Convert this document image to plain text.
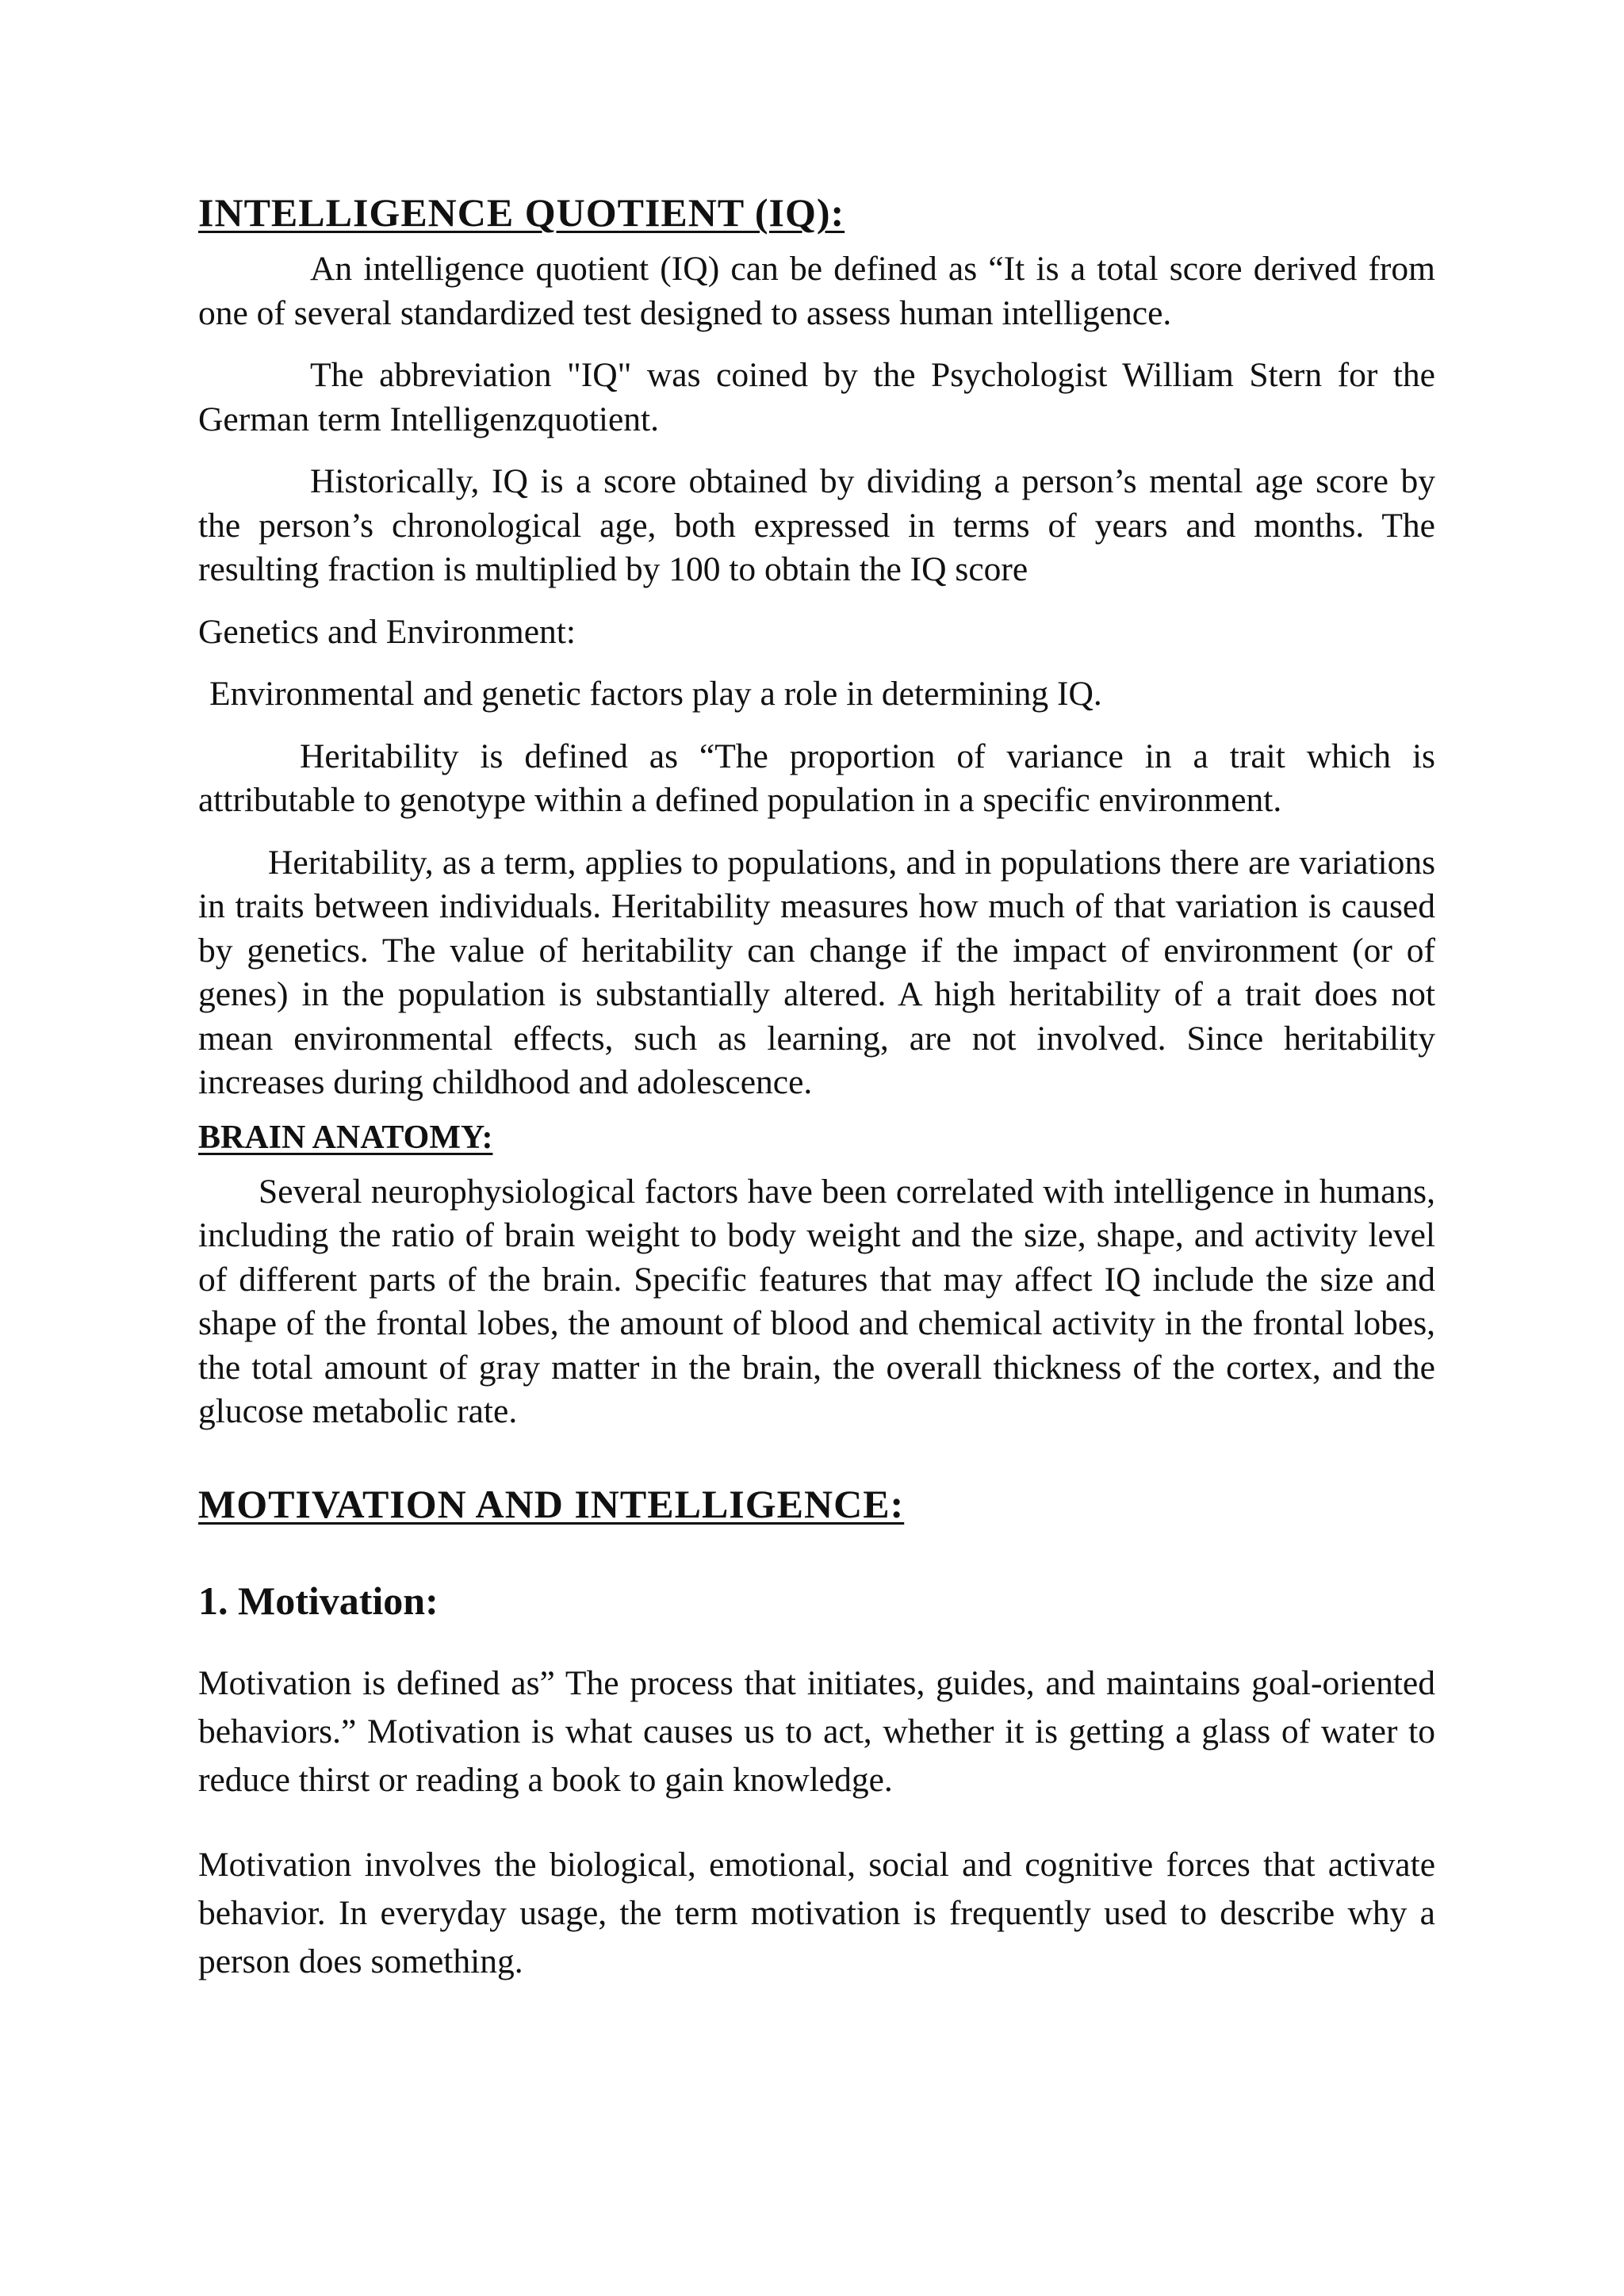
INTELLIGENCE QUOTIENT (IQ):

An intelligence quotient (IQ) can be defined as “It is a total score derived from one of several standardized test designed to assess human intelligence.

The abbreviation "IQ" was coined by the Psychologist William Stern for the German term Intelligenzquotient.

Historically, IQ is a score obtained by dividing a person’s mental age score by the person’s chronological age, both expressed in terms of years and months. The resulting fraction is multiplied by 100 to obtain the IQ score

Genetics and Environment:

Environmental and genetic factors play a role in determining IQ.

Heritability is defined as “The proportion of variance in a trait which is attributable to genotype within a defined population in a specific environment.

Heritability, as a term, applies to populations, and in populations there are variations in traits between individuals. Heritability measures how much of that variation is caused by genetics. The value of heritability can change if the impact of environment (or of genes) in the population is substantially altered. A high heritability of a trait does not mean environmental effects, such as learning, are not involved. Since heritability increases during childhood and adolescence.

BRAIN ANATOMY:

Several neurophysiological factors have been correlated with intelligence in humans, including the ratio of brain weight to body weight and the size, shape, and activity level of different parts of the brain. Specific features that may affect IQ include the size and shape of the frontal lobes, the amount of blood and chemical activity in the frontal lobes, the total amount of gray matter in the brain, the overall thickness of the cortex, and the glucose metabolic rate.

MOTIVATION AND INTELLIGENCE:
1. Motivation:

Motivation is defined as” The process that initiates, guides, and maintains goal-oriented behaviors.” Motivation is what causes us to act, whether it is getting a glass of water to reduce thirst or reading a book to gain knowledge.

Motivation involves the biological, emotional, social and cognitive forces that activate behavior. In everyday usage, the term motivation is frequently used to describe why a person does something.
